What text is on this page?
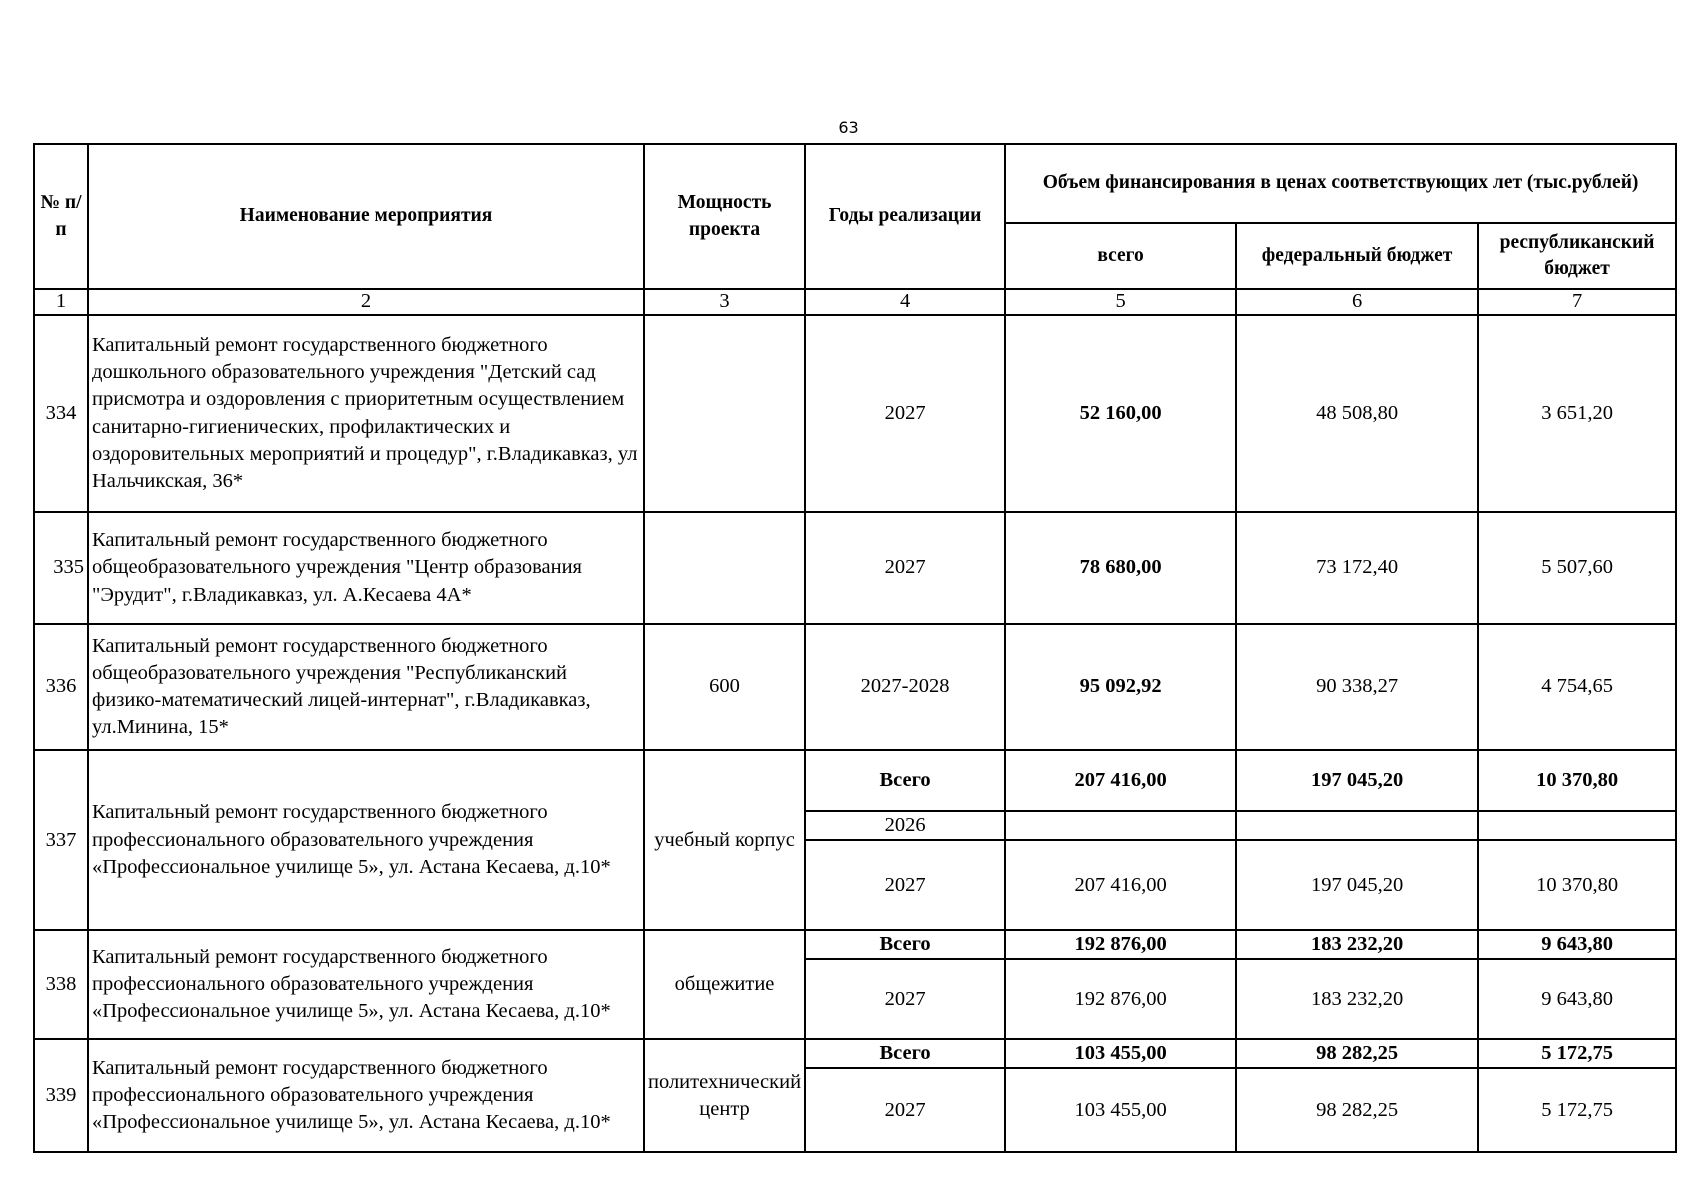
63
№ п/п	Наименование мероприятия	Мощность проекта	Годы реализации	Объем финансирования в ценах соответствующих лет (тыс.рублей)		
				всего	федеральный бюджет	республиканский бюджет
1	2	3	4	5	6	7
334	Капитальный ремонт государственного бюджетного дошкольного образовательного учреждения "Детский сад присмотра и оздоровления с приоритетным осуществлением санитарно-гигиенических, профилактических и оздоровительных мероприятий и процедур", г.Владикавказ, ул Нальчикская, 36*		2027	52 160,00	48 508,80	3 651,20
335	Капитальный ремонт государственного бюджетного общеобразовательного учреждения "Центр образования "Эрудит", г.Владикавказ, ул. А.Кесаева 4А*		2027	78 680,00	73 172,40	5 507,60
336	Капитальный ремонт государственного бюджетного общеобразовательного учреждения "Республиканский физико-математический лицей-интернат", г.Владикавказ, ул.Минина, 15*	600	2027-2028	95 092,92	90 338,27	4 754,65
337	Капитальный ремонт государственного бюджетного профессионального образовательного учреждения «Профессиональное училище 5», ул. Астана Кесаева, д.10*	учебный корпус	Всего	207 416,00	197 045,20	10 370,80
			2026			
			2027	207 416,00	197 045,20	10 370,80
338	Капитальный ремонт государственного бюджетного профессионального образовательного учреждения «Профессиональное училище 5», ул. Астана Кесаева, д.10*	общежитие	Всего	192 876,00	183 232,20	9 643,80
			2027	192 876,00	183 232,20	9 643,80
339	Капитальный ремонт государственного бюджетного профессионального образовательного учреждения «Профессиональное училище 5», ул. Астана Кесаева, д.10*	политехнический центр	Всего	103 455,00	98 282,25	5 172,75
			2027	103 455,00	98 282,25	5 172,75
